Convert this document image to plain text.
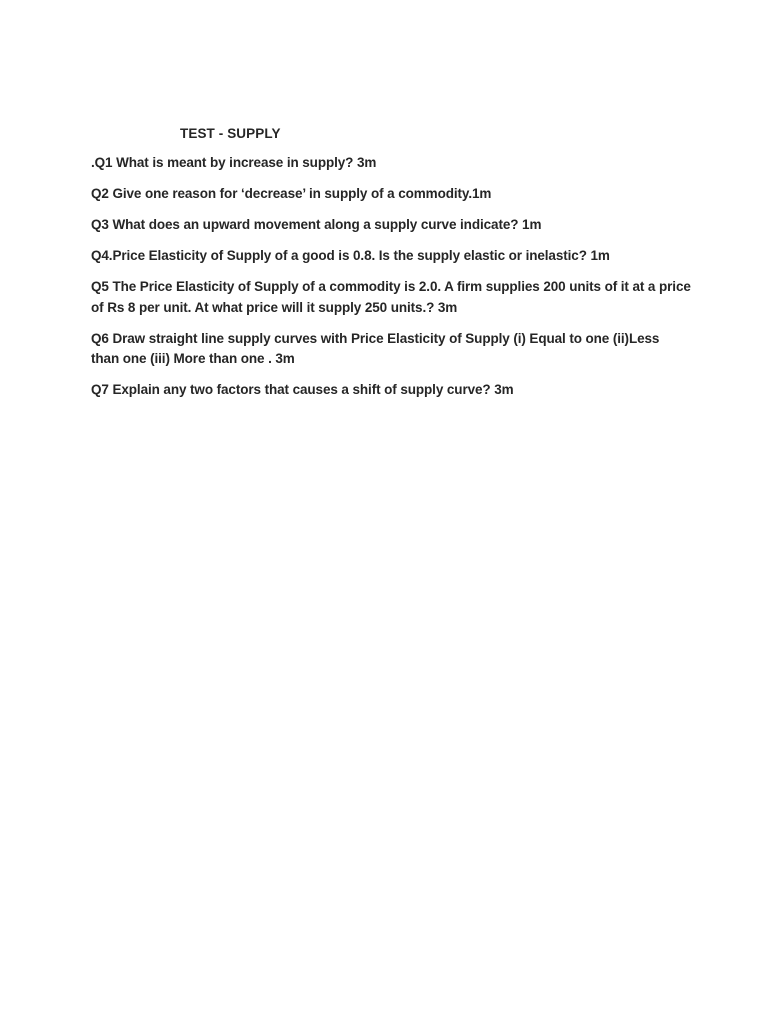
TEST - SUPPLY
.Q1 What is meant by increase in supply? 3m
Q2 Give one reason for ‘decrease’ in supply of a commodity.1m
Q3 What does an upward movement along a supply curve indicate? 1m
Q4.Price Elasticity of Supply of a good is 0.8. Is the supply elastic or inelastic? 1m
Q5 The Price Elasticity of Supply of a commodity is 2.0. A firm supplies 200 units of it at a price of Rs 8 per unit. At what price will it supply 250 units.? 3m
Q6 Draw straight line supply curves with Price Elasticity of Supply (i) Equal to one (ii)Less than one (iii) More than one . 3m
Q7 Explain any two factors that causes a shift of supply curve? 3m
